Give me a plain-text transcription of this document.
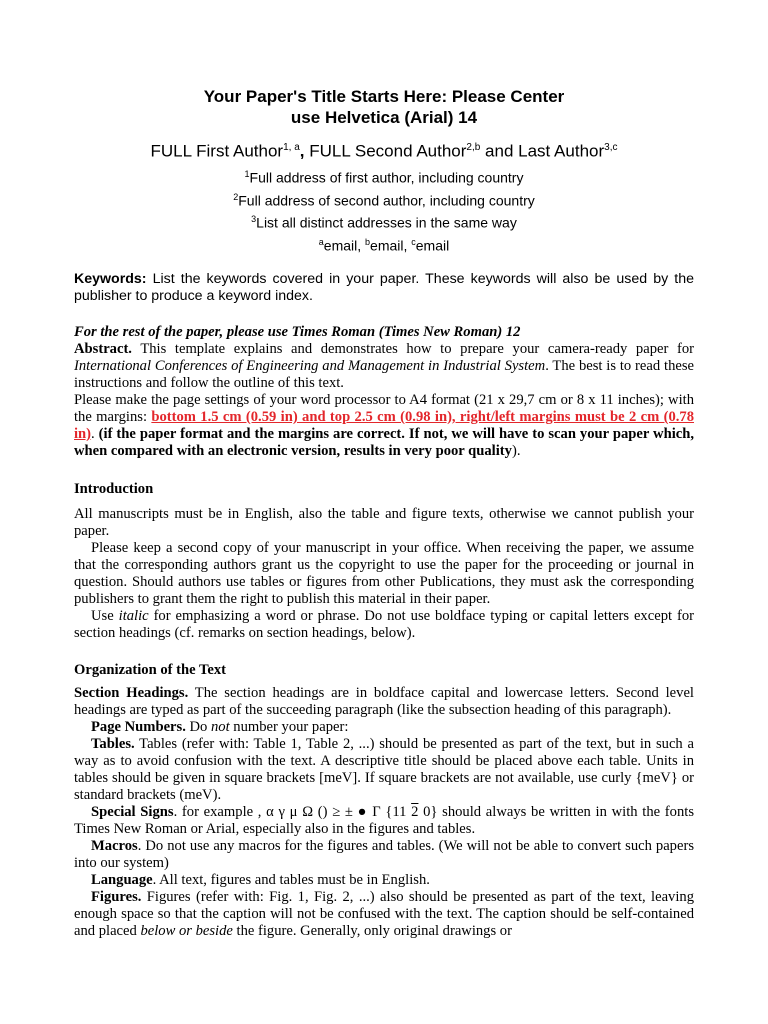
Your Paper's Title Starts Here: Please Center
use Helvetica (Arial) 14
FULL First Author$^{1, a}$, FULL Second Author$^{2,b}$ and Last Author$^{3,c}$
$^1$Full address of first author, including country
$^2$Full address of second author, including country
$^3$List all distinct addresses in the same way
$^a$email, $^b$email, $^c$email
Keywords: List the keywords covered in your paper. These keywords will also be used by the publisher to produce a keyword index.

For the rest of the paper, please use Times Roman (Times New Roman) 12

Abstract. This template explains and demonstrates how to prepare your camera-ready paper for International Conferences of Engineering and Management in Industrial System. The best is to read these instructions and follow the outline of this text.

Please make the page settings of your word processor to A4 format (21 x 29,7 cm or 8 x 11 inches); with the margins: bottom 1.5 cm (0.59 in) and top 2.5 cm (0.98 in), right/left margins must be 2 cm (0.78 in). (if the paper format and the margins are correct. If not, we will have to scan your paper which, when compared with an electronic version, results in very poor quality).

Introduction

All manuscripts must be in English, also the table and figure texts, otherwise we cannot publish your paper.

Please keep a second copy of your manuscript in your office. When receiving the paper, we assume that the corresponding authors grant us the copyright to use the paper for the proceeding or journal in question. Should authors use tables or figures from other Publications, they must ask the corresponding publishers to grant them the right to publish this material in their paper.

Use italic for emphasizing a word or phrase. Do not use boldface typing or capital letters except for section headings (cf. remarks on section headings, below).

Organization of the Text

Section Headings. The section headings are in boldface capital and lowercase letters. Second level headings are typed as part of the succeeding paragraph (like the subsection heading of this paragraph).

Page Numbers. Do not number your paper:

Tables. Tables (refer with: Table 1, Table 2, ...) should be presented as part of the text, but in such a way as to avoid confusion with the text. A descriptive title should be placed above each table. Units in tables should be given in square brackets [meV]. If square brackets are not available, use curly {meV} or standard brackets (meV).

Special Signs. for example , α γ μ Ω () ≥ ± ● Γ {11 2 0} should always be written in with the fonts Times New Roman or Arial, especially also in the figures and tables.

Macros. Do not use any macros for the figures and tables. (We will not be able to convert such papers into our system)

Language. All text, figures and tables must be in English.

Figures. Figures (refer with: Fig. 1, Fig. 2, ...) also should be presented as part of the text, leaving enough space so that the caption will not be confused with the text. The caption should be self-contained and placed below or beside the figure. Generally, only original drawings or
